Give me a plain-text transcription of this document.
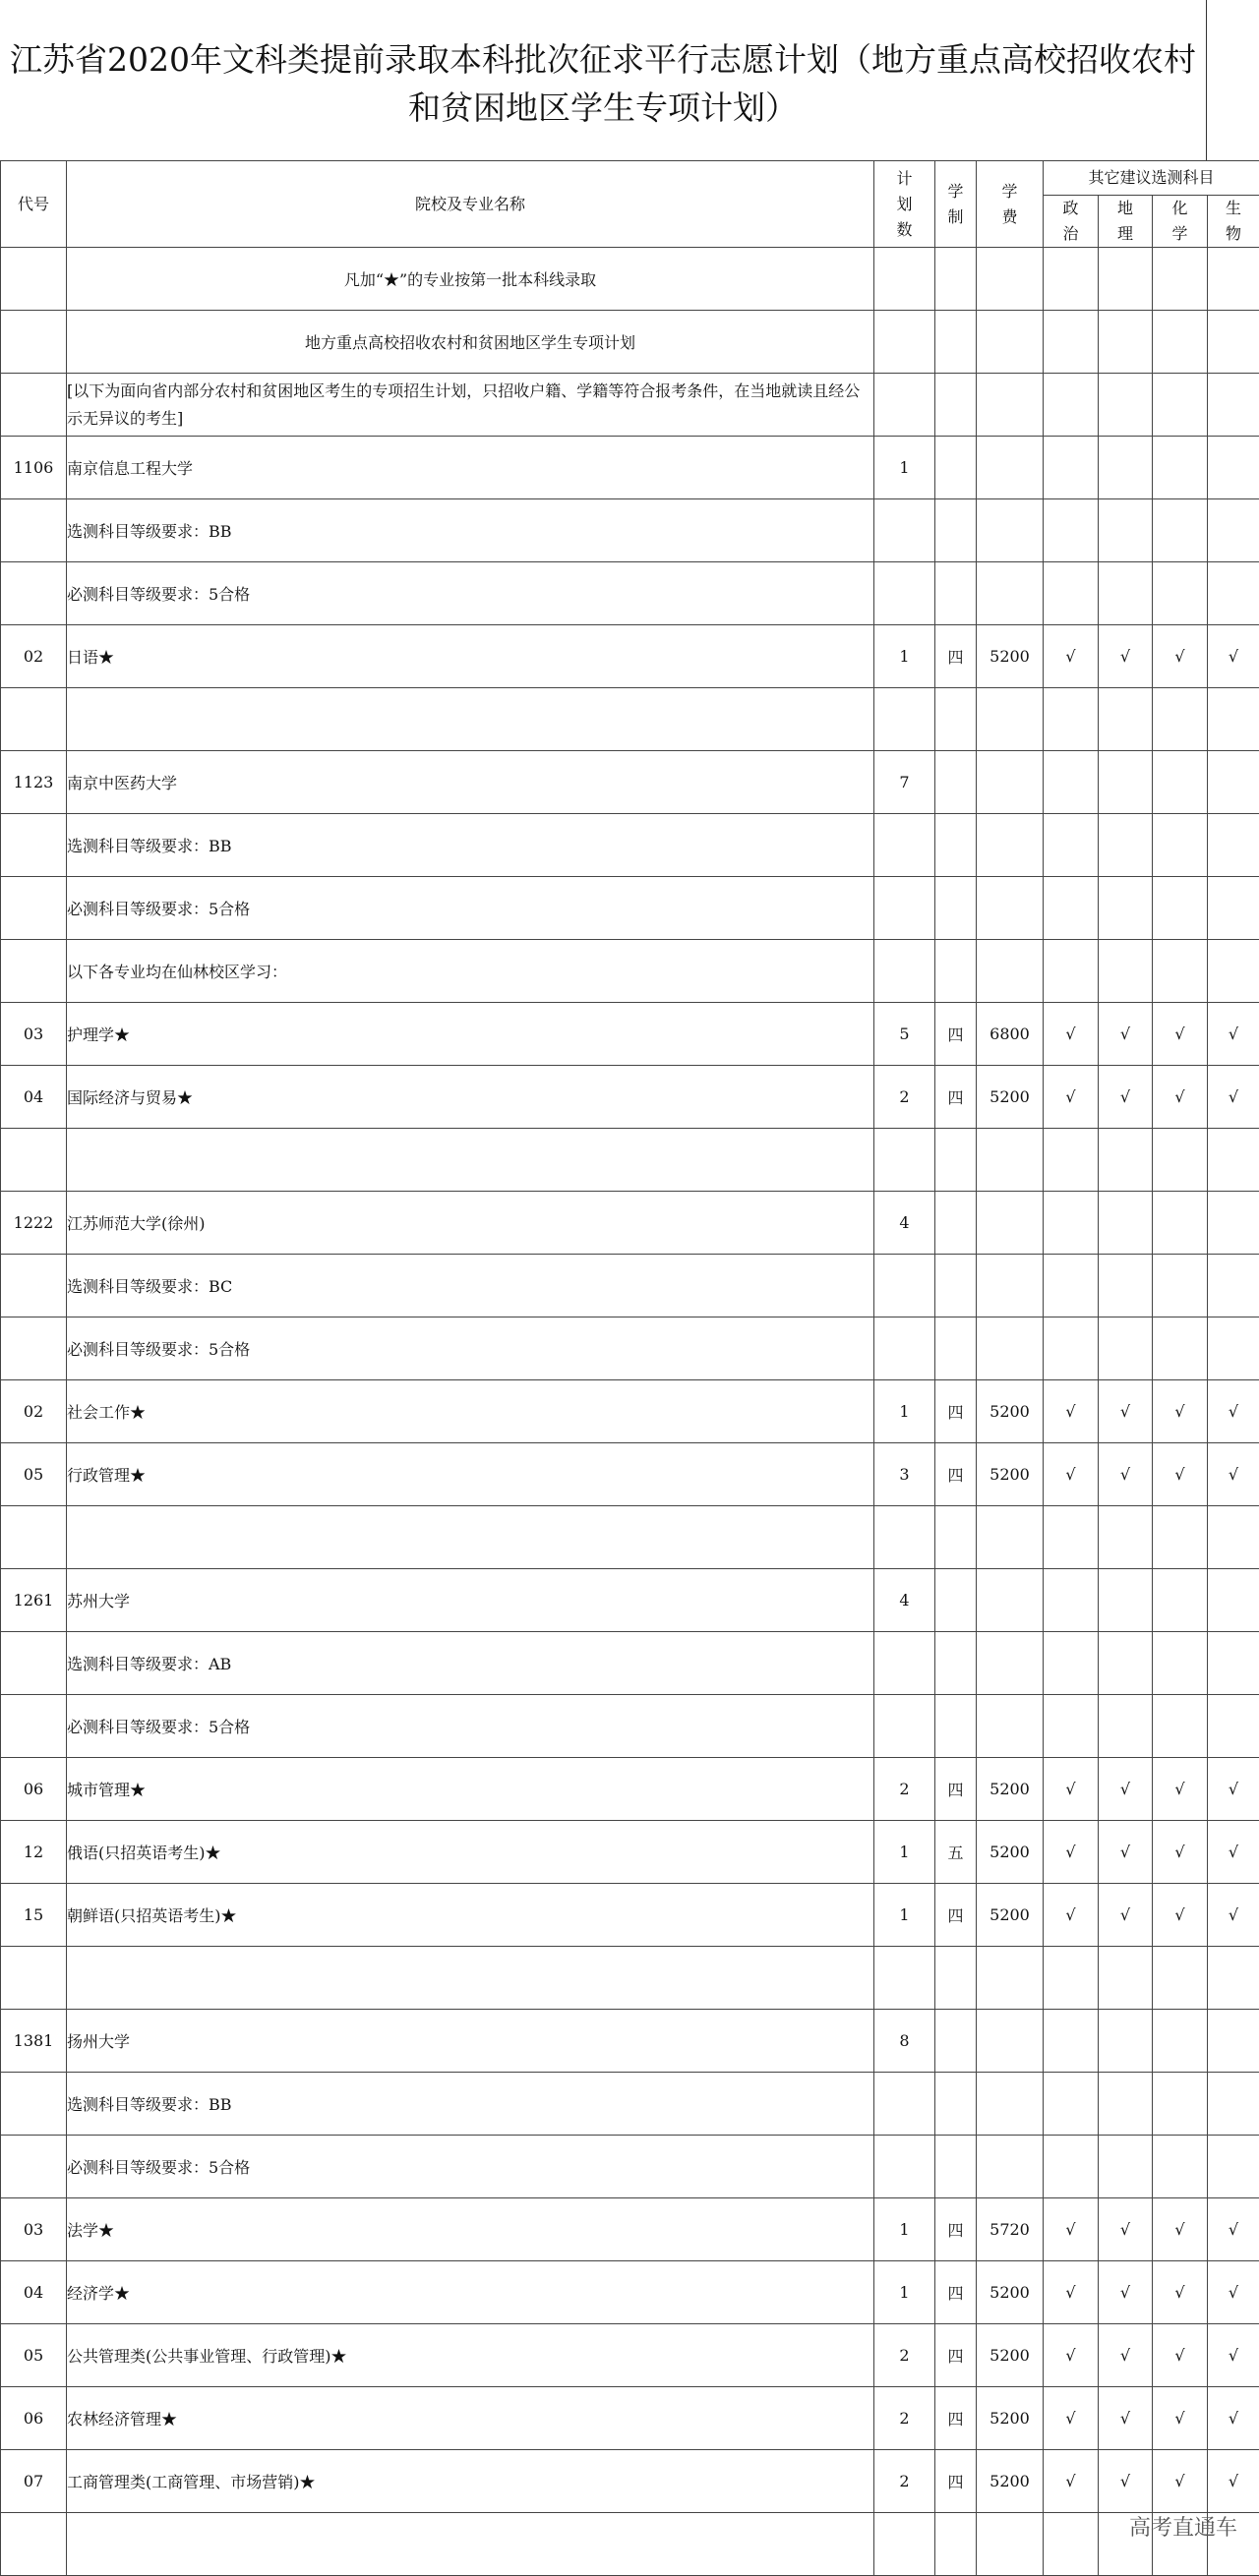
江苏省2020年文科类提前录取本科批次征求平行志愿计划（地方重点高校招收农村和贫困地区学生专项计划）
代号	院校及专业名称	计划数	学制	学费	其它建议选测科目			
					政治	地理	化学	生物
	凡加“★”的专业按第一批本科线录取							
	地方重点高校招收农村和贫困地区学生专项计划							
	[以下为面向省内部分农村和贫困地区考生的专项招生计划，只招收户籍、学籍等符合报考条件，在当地就读且经公示无异议的考生]							
1106	南京信息工程大学	1						
	选测科目等级要求：BB							
	必测科目等级要求：5合格							
02	日语★	1	四	5200	√	√	√	√

1123	南京中医药大学	7						
	选测科目等级要求：BB							
	必测科目等级要求：5合格							
	以下各专业均在仙林校区学习：							
03	护理学★	5	四	6800	√	√	√	√
04	国际经济与贸易★	2	四	5200	√	√	√	√

1222	江苏师范大学(徐州)	4						
	选测科目等级要求：BC							
	必测科目等级要求：5合格							
02	社会工作★	1	四	5200	√	√	√	√
05	行政管理★	3	四	5200	√	√	√	√

1261	苏州大学	4						
	选测科目等级要求：AB							
	必测科目等级要求：5合格							
06	城市管理★	2	四	5200	√	√	√	√
12	俄语(只招英语考生)★	1	五	5200	√	√	√	√
15	朝鲜语(只招英语考生)★	1	四	5200	√	√	√	√

1381	扬州大学	8						
	选测科目等级要求：BB							
	必测科目等级要求：5合格							
03	法学★	1	四	5720	√	√	√	√
04	经济学★	1	四	5200	√	√	√	√
05	公共管理类(公共事业管理、行政管理)★	2	四	5200	√	√	√	√
06	农林经济管理★	2	四	5200	√	√	√	√
07	工商管理类(工商管理、市场营销)★	2	四	5200	√	√	√	√

高考直通车
